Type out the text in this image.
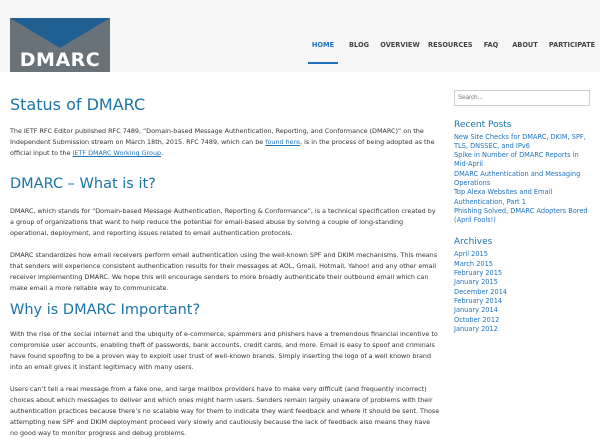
DMARC
HOME	BLOG	OVERVIEW RESOURCES	FAQ	ABOUT	PARTICIPATE
Status of DMARC

The IETF RFC Editor published RFC 7489, “Domain-based Message Authentication, Reporting, and Conformance (DMARC)” on the Independent Submission stream on March 18th, 2015. RFC 7489, which can be found here, is in the process of being adopted as the official input to the IETF DMARC Working Group.

DMARC – What is it?

DMARC, which stands for “Domain-based Message Authentication, Reporting & Conformance”, is a technical specification created by a group of organizations that want to help reduce the potential for email-based abuse by solving a couple of long-standing operational, deployment, and reporting issues related to email authentication protocols.

DMARC standardizes how email receivers perform email authentication using the well-known SPF and DKIM mechanisms. This means that senders will experience consistent authentication results for their messages at AOL, Gmail, Hotmail, Yahoo! and any other email receiver implementing DMARC. We hope this will encourage senders to more broadly authenticate their outbound email which can make email a more reliable way to communicate.

Why is DMARC Important?

With the rise of the social internet and the ubiquity of e-commerce, spammers and phishers have a tremendous financial incentive to compromise user accounts, enabling theft of passwords, bank accounts, credit cards, and more. Email is easy to spoof and criminals have found spoofing to be a proven way to exploit user trust of well-known brands. Simply inserting the logo of a well known brand into an email gives it instant legitimacy with many users.

Users can’t tell a real message from a fake one, and large mailbox providers have to make very difficult (and frequently incorrect) choices about which messages to deliver and which ones might harm users. Senders remain largely unaware of problems with their authentication practices because there’s no scalable way for them to indicate they want feedback and where it should be sent. Those attempting new SPF and DKIM deployment proceed very slowly and cautiously because the lack of feedback also means they have no good way to monitor progress and debug problems.

Search...
Recent Posts
New Site Checks for DMARC, DKIM, SPF, TLS, DNSSEC, and IPv6
Spike in Number of DMARC Reports in Mid-April
DMARC Authentication and Messaging Operations
Top Alexa Websites and Email Authentication, Part 1
Phishing Solved, DMARC Adopters Bored (April Fools!)
Archives
April 2015
March 2015
February 2015
January 2015
December 2014
February 2014
January 2014
October 2012
January 2012
